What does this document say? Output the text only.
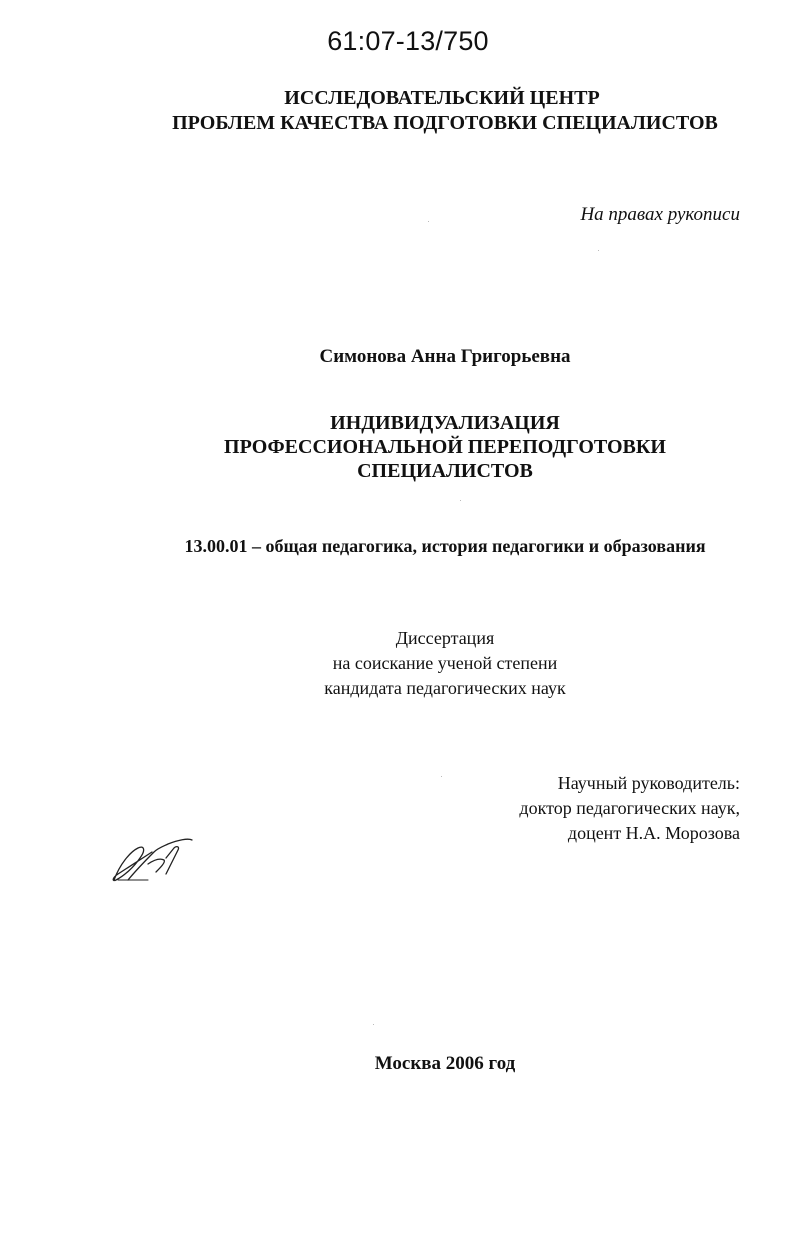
61:07-13/750
ИССЛЕДОВАТЕЛЬСКИЙ ЦЕНТР
ПРОБЛЕМ КАЧЕСТВА ПОДГОТОВКИ СПЕЦИАЛИСТОВ
На правах рукописи
Симонова Анна Григорьевна
ИНДИВИДУАЛИЗАЦИЯ
ПРОФЕССИОНАЛЬНОЙ ПЕРЕПОДГОТОВКИ
СПЕЦИАЛИСТОВ
13.00.01 – общая педагогика, история педагогики и образования
Диссертация
на соискание ученой степени
кандидата педагогических наук
Научный руководитель:
доктор педагогических наук,
доцент Н.А. Морозова
Москва 2006 год
